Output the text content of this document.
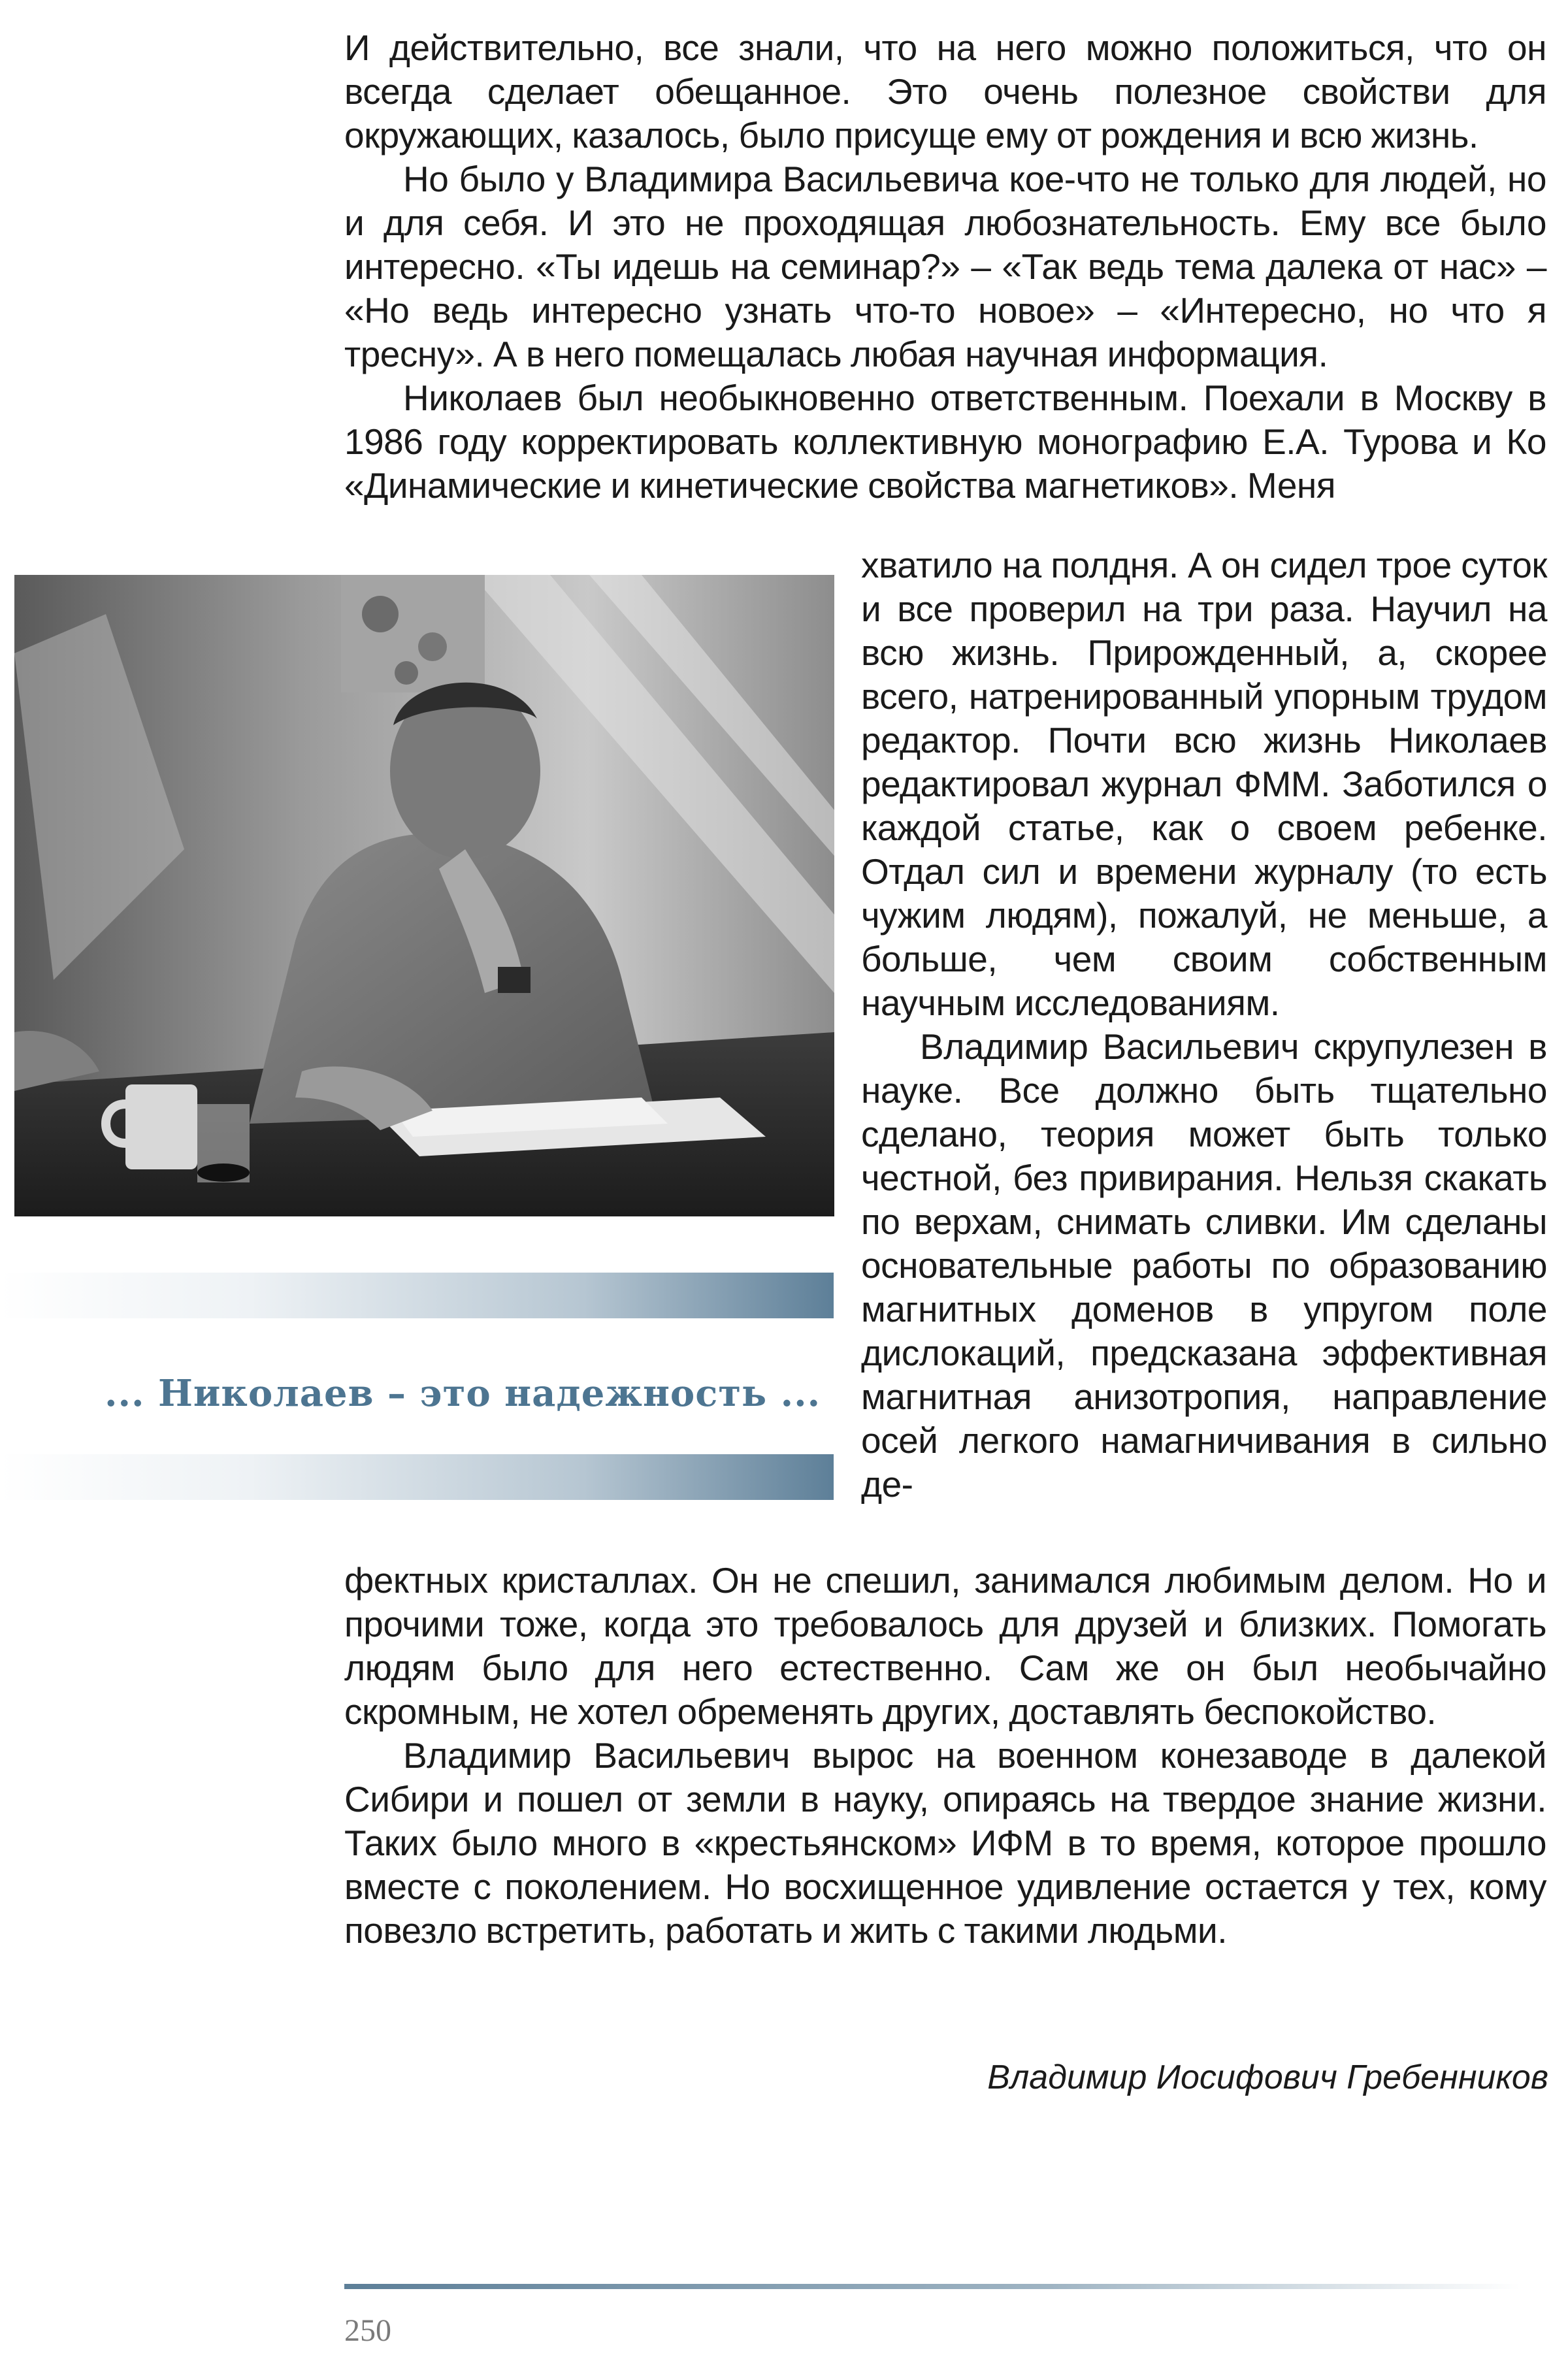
И действительно, все знали, что на него можно положиться, что он всегда сделает обещанное. Это очень полезное свойстви для окружающих, казалось, было присуще ему от рождения и всю жизнь.

Но было у Владимира Васильевича кое-что не только для людей, но и для себя. И это не проходящая любознательность. Ему все было интересно. «Ты идешь на семинар?» – «Так ведь тема далека от нас» – «Но ведь интересно узнать что-то новое» – «Интересно, но что я тресну». А в него помещалась любая научная информация.

Николаев был необыкновенно ответственным. Поехали в Москву в 1986 году корректировать коллективную монографию Е.А. Турова и Ко «Динамические и кинетические свойства магнетиков». Меня

хватило на полдня. А он сидел трое суток и все проверил на три раза. Научил на всю жизнь. Прирожденный, а, скорее всего, натренированный упорным трудом редактор. Почти всю жизнь Николаев редактировал журнал ФММ. Заботился о каждой статье, как о своем ребенке. Отдал сил и времени журналу (то есть чужим людям), пожалуй, не меньше, а больше, чем своим собственным научным исследованиям.

Владимир Васильевич скрупулезен в науке. Все должно быть тщательно сделано, теория может быть только честной, без привирания. Нельзя скакать по верхам, снимать сливки. Им сделаны основательные работы по образованию магнитных доменов в упругом поле дислокаций, предсказана эффективная магнитная анизотропия, направление осей легкого намагничивания в сильно де-

... Николаев – это надежность ...

фектных кристаллах. Он не спешил, занимался любимым делом. Но и прочими тоже, когда это требовалось для друзей и близких. Помогать людям было для него естественно. Сам же он был необычайно скромным, не хотел обременять других, доставлять беспокойство.

Владимир Васильевич вырос на военном конезаводе в далекой Сибири и пошел от земли в науку, опираясь на твердое знание жизни. Таких было много в «крестьянском» ИФМ в то время, которое прошло вместе с поколением. Но восхищенное удивление остается у тех, кому повезло встретить, работать и жить с такими людьми.

Владимир Иосифович Гребенников
250
